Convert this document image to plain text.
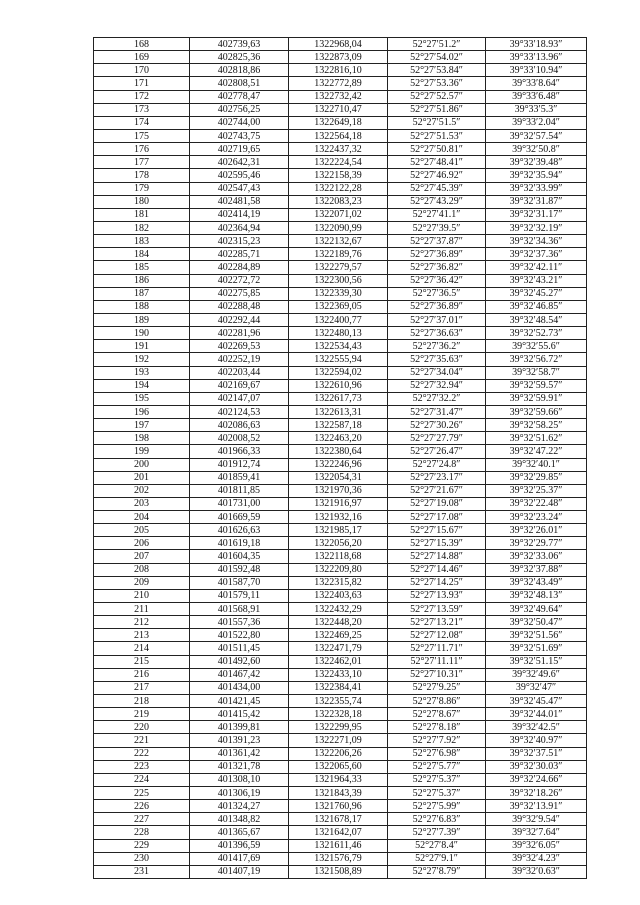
168	402739,63	1322968,04	52°27′51.2″	39°33′18.93″
169	402825,36	1322873,09	52°27′54.02″	39°33′13.96″
170	402818,86	1322816,10	52°27′53.84″	39°33′10.94″
171	402808,51	1322772,89	52°27′53.36″	39°33′8.64″
172	402778,47	1322732,42	52°27′52.57″	39°33′6.48″
173	402756,25	1322710,47	52°27′51.86″	39°33′5.3″
174	402744,00	1322649,18	52°27′51.5″	39°33′2.04″
175	402743,75	1322564,18	52°27′51.53″	39°32′57.54″
176	402719,65	1322437,32	52°27′50.81″	39°32′50.8″
177	402642,31	1322224,54	52°27′48.41″	39°32′39.48″
178	402595,46	1322158,39	52°27′46.92″	39°32′35.94″
179	402547,43	1322122,28	52°27′45.39″	39°32′33.99″
180	402481,58	1322083,23	52°27′43.29″	39°32′31.87″
181	402414,19	1322071,02	52°27′41.1″	39°32′31.17″
182	402364,94	1322090,99	52°27′39.5″	39°32′32.19″
183	402315,23	1322132,67	52°27′37.87″	39°32′34.36″
184	402285,71	1322189,76	52°27′36.89″	39°32′37.36″
185	402284,89	1322279,57	52°27′36.82″	39°32′42.11″
186	402272,72	1322300,56	52°27′36.42″	39°32′43.21″
187	402275,85	1322339,30	52°27′36.5″	39°32′45.27″
188	402288,48	1322369,05	52°27′36.89″	39°32′46.85″
189	402292,44	1322400,77	52°27′37.01″	39°32′48.54″
190	402281,96	1322480,13	52°27′36.63″	39°32′52.73″
191	402269,53	1322534,43	52°27′36.2″	39°32′55.6″
192	402252,19	1322555,94	52°27′35.63″	39°32′56.72″
193	402203,44	1322594,02	52°27′34.04″	39°32′58.7″
194	402169,67	1322610,96	52°27′32.94″	39°32′59.57″
195	402147,07	1322617,73	52°27′32.2″	39°32′59.91″
196	402124,53	1322613,31	52°27′31.47″	39°32′59.66″
197	402086,63	1322587,18	52°27′30.26″	39°32′58.25″
198	402008,52	1322463,20	52°27′27.79″	39°32′51.62″
199	401966,33	1322380,64	52°27′26.47″	39°32′47.22″
200	401912,74	1322246,96	52°27′24.8″	39°32′40.1″
201	401859,41	1322054,31	52°27′23.17″	39°32′29.85″
202	401811,85	1321970,36	52°27′21.67″	39°32′25.37″
203	401731,00	1321916,97	52°27′19.08″	39°32′22.48″
204	401669,59	1321932,16	52°27′17.08″	39°32′23.24″
205	401626,63	1321985,17	52°27′15.67″	39°32′26.01″
206	401619,18	1322056,20	52°27′15.39″	39°32′29.77″
207	401604,35	1322118,68	52°27′14.88″	39°32′33.06″
208	401592,48	1322209,80	52°27′14.46″	39°32′37.88″
209	401587,70	1322315,82	52°27′14.25″	39°32′43.49″
210	401579,11	1322403,63	52°27′13.93″	39°32′48.13″
211	401568,91	1322432,29	52°27′13.59″	39°32′49.64″
212	401557,36	1322448,20	52°27′13.21″	39°32′50.47″
213	401522,80	1322469,25	52°27′12.08″	39°32′51.56″
214	401511,45	1322471,79	52°27′11.71″	39°32′51.69″
215	401492,60	1322462,01	52°27′11.11″	39°32′51.15″
216	401467,42	1322433,10	52°27′10.31″	39°32′49.6″
217	401434,00	1322384,41	52°27′9.25″	39°32′47″
218	401421,45	1322355,74	52°27′8.86″	39°32′45.47″
219	401415,42	1322328,18	52°27′8.67″	39°32′44.01″
220	401399,81	1322299,95	52°27′8.18″	39°32′42.5″
221	401391,23	1322271,09	52°27′7.92″	39°32′40.97″
222	401361,42	1322206,26	52°27′6.98″	39°32′37.51″
223	401321,78	1322065,60	52°27′5.77″	39°32′30.03″
224	401308,10	1321964,33	52°27′5.37″	39°32′24.66″
225	401306,19	1321843,39	52°27′5.37″	39°32′18.26″
226	401324,27	1321760,96	52°27′5.99″	39°32′13.91″
227	401348,82	1321678,17	52°27′6.83″	39°32′9.54″
228	401365,67	1321642,07	52°27′7.39″	39°32′7.64″
229	401396,59	1321611,46	52°27′8.4″	39°32′6.05″
230	401417,69	1321576,79	52°27′9.1″	39°32′4.23″
231	401407,19	1321508,89	52°27′8.79″	39°32′0.63″
